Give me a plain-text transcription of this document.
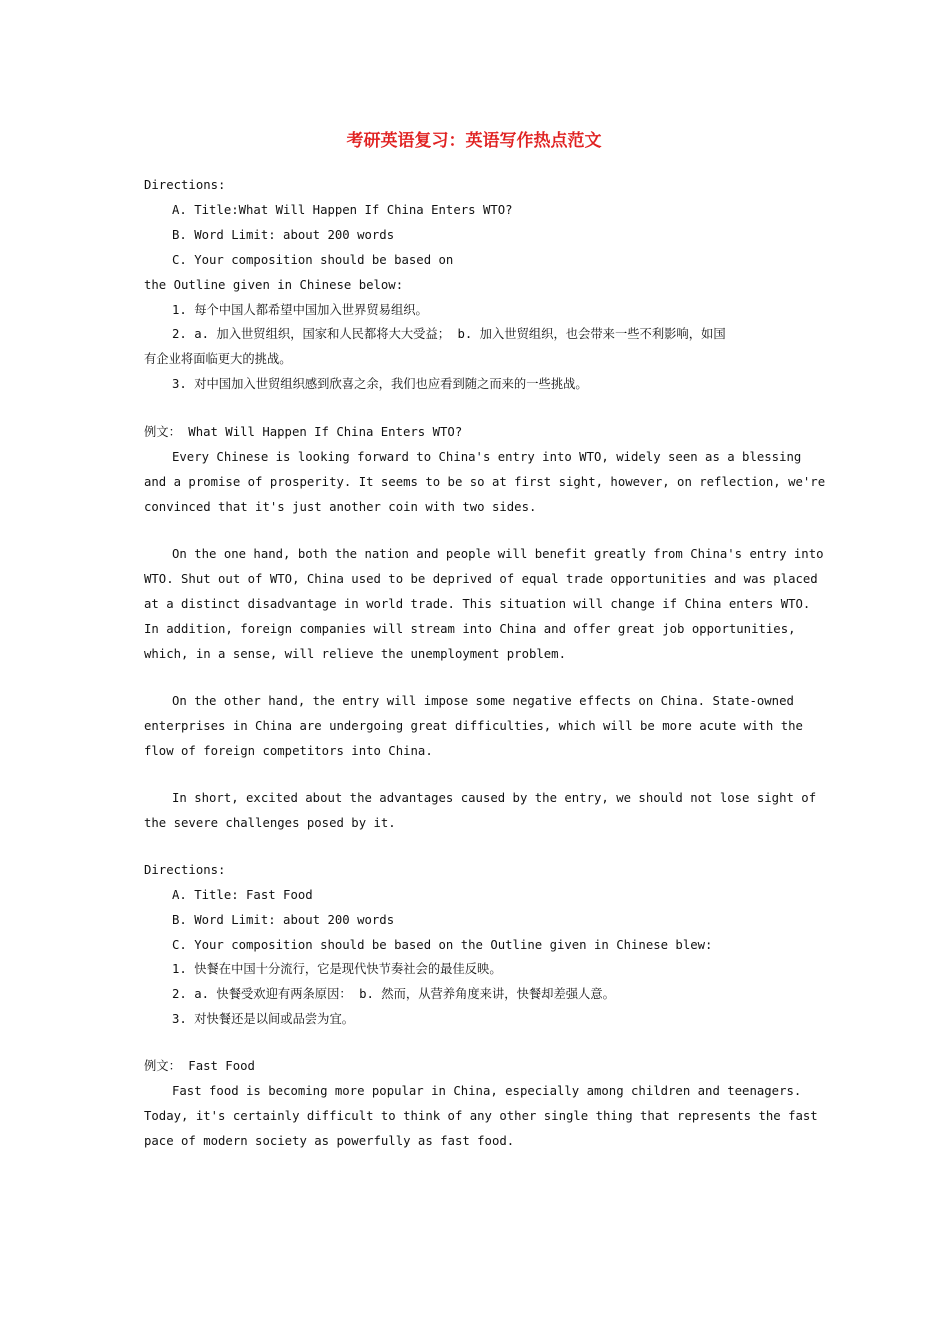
考研英语复习：英语写作热点范文
Directions:
A. Title:What Will Happen If China Enters WTO?
B. Word Limit: about 200 words
C. Your composition should be based on
the Outline given in Chinese below:
1. 每个中国人都希望中国加入世界贸易组织。
2. a. 加入世贸组织，国家和人民都将大大受益； b. 加入世贸组织，也会带来一些不利影响，如国
有企业将面临更大的挑战。
3. 对中国加入世贸组织感到欣喜之余，我们也应看到随之而来的一些挑战。
例文： What Will Happen If China Enters WTO?
Every Chinese is looking forward to China's entry into WTO, widely seen as a blessing
and a promise of prosperity. It seems to be so at first sight, however, on reflection, we're
convinced that it's just another coin with two sides.
On the one hand, both the nation and people will benefit greatly from China's entry into
WTO. Shut out of WTO, China used to be deprived of equal trade opportunities and was placed
at a distinct disadvantage in world trade. This situation will change if China enters WTO.
In addition, foreign companies will stream into China and offer great job opportunities,
which, in a sense, will relieve the unemployment problem.
On the other hand, the entry will impose some negative effects on China. State-owned
enterprises in China are undergoing great difficulties, which will be more acute with the
flow of foreign competitors into China.
In short, excited about the advantages caused by the entry, we should not lose sight of
the severe challenges posed by it.
Directions:
A. Title: Fast Food
B. Word Limit: about 200 words
C. Your composition should be based on the Outline given in Chinese blew:
1. 快餐在中国十分流行，它是现代快节奏社会的最佳反映。
2. a. 快餐受欢迎有两条原因： b. 然而，从营养角度来讲，快餐却差强人意。
3. 对快餐还是以间或品尝为宜。
例文： Fast Food
Fast food is becoming more popular in China, especially among children and teenagers.
Today, it's certainly difficult to think of any other single thing that represents the fast
pace of modern society as powerfully as fast food.
